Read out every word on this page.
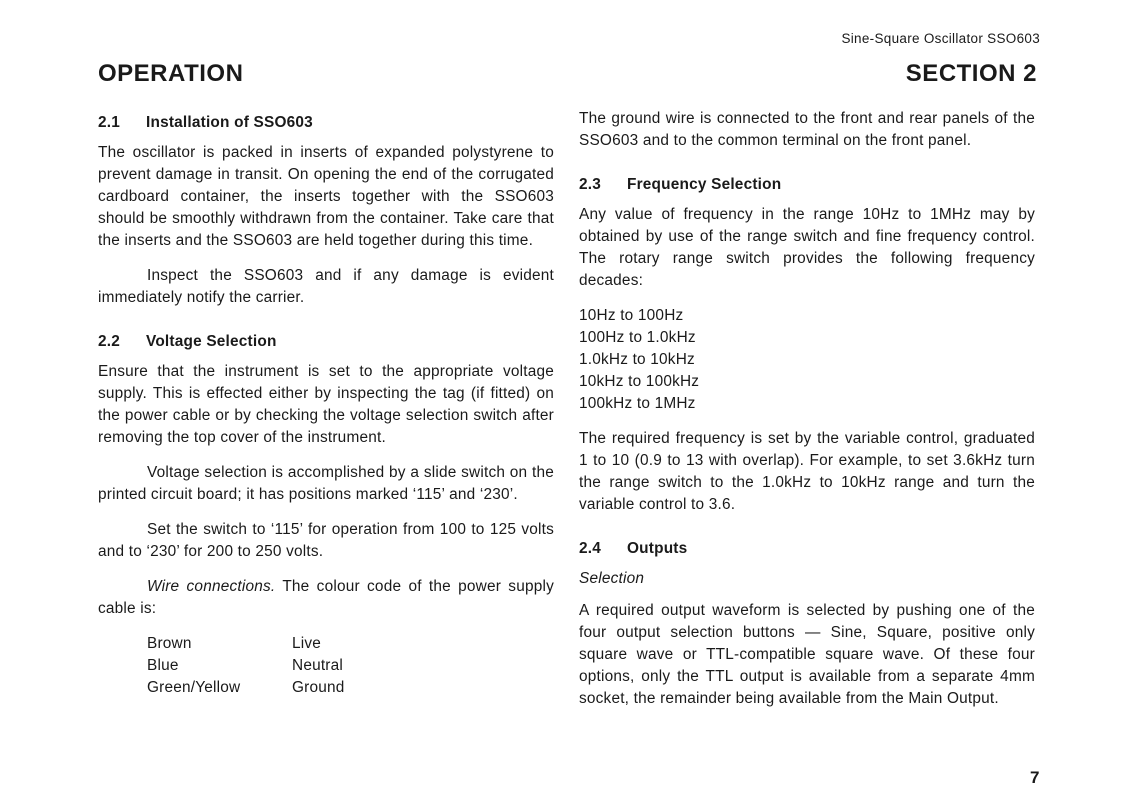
Sine-Square Oscillator SSO603
OPERATION	SECTION 2
2.1 Installation of SSO603

The oscillator is packed in inserts of expanded polystyrene to prevent damage in transit. On opening the end of the corrugated cardboard container, the inserts together with the SSO603 should be smoothly withdrawn from the container. Take care that the inserts and the SSO603 are held together during this time.

Inspect the SSO603 and if any damage is evident immediately notify the carrier.

2.2 Voltage Selection

Ensure that the instrument is set to the appropriate voltage supply. This is effected either by inspecting the tag (if fitted) on the power cable or by checking the voltage selection switch after removing the top cover of the instrument.

Voltage selection is accomplished by a slide switch on the printed circuit board; it has positions marked ‘115’ and ‘230’.

Set the switch to ‘115’ for operation from 100 to 125 volts and to ‘230’ for 200 to 250 volts.

Wire connections. The colour code of the power supply cable is:

Brown	Live
Blue	Neutral
Green/Yellow	Ground

The ground wire is connected to the front and rear panels of the SSO603 and to the common terminal on the front panel.

2.3 Frequency Selection

Any value of frequency in the range 10Hz to 1MHz may by obtained by use of the range switch and fine frequency control. The rotary range switch provides the following frequency decades:

10Hz to 100Hz
100Hz to 1.0kHz
1.0kHz to 10kHz
10kHz to 100kHz
100kHz to 1MHz

The required frequency is set by the variable control, graduated 1 to 10 (0.9 to 13 with overlap). For example, to set 3.6kHz turn the range switch to the 1.0kHz to 10kHz range and turn the variable control to 3.6.

2.4 Outputs

Selection

A required output waveform is selected by pushing one of the four output selection buttons — Sine, Square, positive only square wave or TTL-compatible square wave. Of these four options, only the TTL output is available from a separate 4mm socket, the remainder being available from the Main Output.

7
